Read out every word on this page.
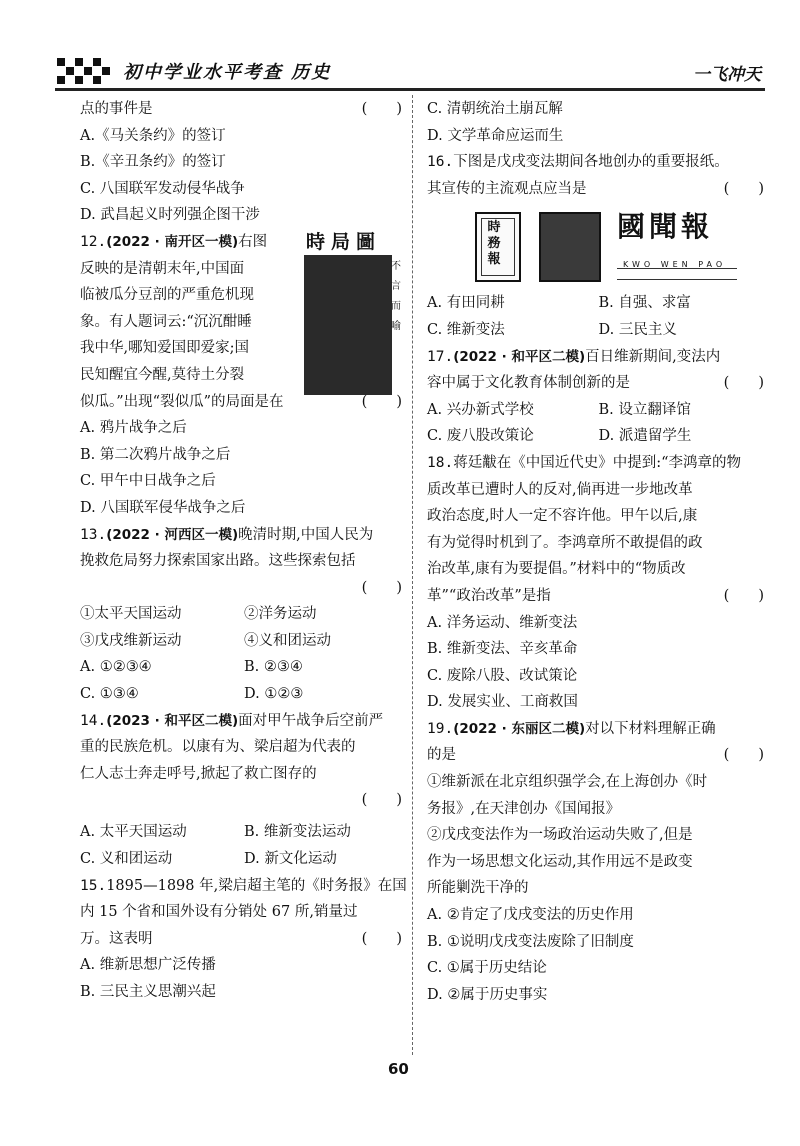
初中学业水平考查 历史	一飞冲天
点的事件是	(　　)
A.《马关条约》的签订
B.《辛丑条约》的签订
C. 八国联军发动侵华战争
D. 武昌起义时列强企图干涉
時局圖
不言而喻
12.(2022 · 南开区一模)右图
反映的是清朝末年,中国面
临被瓜分豆剖的严重危机现
象。有人题词云:“沉沉酣睡
我中华,哪知爱国即爱家;国
民知醒宜今醒,莫待土分裂
似瓜。”出现“裂似瓜”的局面是在	(　　)
A. 鸦片战争之后
B. 第二次鸦片战争之后
C. 甲午中日战争之后
D. 八国联军侵华战争之后
13.(2022 · 河西区一模)晚清时期,中国人民为
挽救危局努力探索国家出路。这些探索包括
(　　)
①太平天国运动	②洋务运动
③戊戌维新运动	④义和团运动
A. ①②③④	B. ②③④
C. ①③④	D. ①②③
14.(2023 · 和平区二模)面对甲午战争后空前严
重的民族危机。以康有为、梁启超为代表的
仁人志士奔走呼号,掀起了救亡图存的
(　　)
A. 太平天国运动	B. 维新变法运动
C. 义和团运动	D. 新文化运动
15.1895—1898 年,梁启超主笔的《时务报》在国
内 15 个省和国外设有分销处 67 所,销量过
万。这表明	(　　)
A. 维新思想广泛传播
B. 三民主义思潮兴起
C. 清朝统治土崩瓦解
D. 文学革命应运而生
16.下图是戊戌变法期间各地创办的重要报纸。
其宣传的主流观点应当是	(　　)
時務報
國聞報
KWO WEN PAO
A. 有田同耕	B. 自强、求富
C. 维新变法	D. 三民主义
17.(2022 · 和平区二模)百日维新期间,变法内
容中属于文化教育体制创新的是	(　　)
A. 兴办新式学校	B. 设立翻译馆
C. 废八股改策论	D. 派遣留学生
18.蒋廷黻在《中国近代史》中提到:“李鸿章的物
质改革已遭时人的反对,倘再进一步地改革
政治态度,时人一定不容许他。甲午以后,康
有为觉得时机到了。李鸿章所不敢提倡的政
治改革,康有为要提倡。”材料中的“物质改
革”“政治改革”是指	(　　)
A. 洋务运动、维新变法
B. 维新变法、辛亥革命
C. 废除八股、改试策论
D. 发展实业、工商救国
19.(2022 · 东丽区二模)对以下材料理解正确
的是	(　　)
①维新派在北京组织强学会,在上海创办《时
务报》,在天津创办《国闻报》
②戊戌变法作为一场政治运动失败了,但是
作为一场思想文化运动,其作用远不是政变
所能剿洗干净的
A. ②肯定了戊戌变法的历史作用
B. ①说明戊戌变法废除了旧制度
C. ①属于历史结论
D. ②属于历史事实
60
